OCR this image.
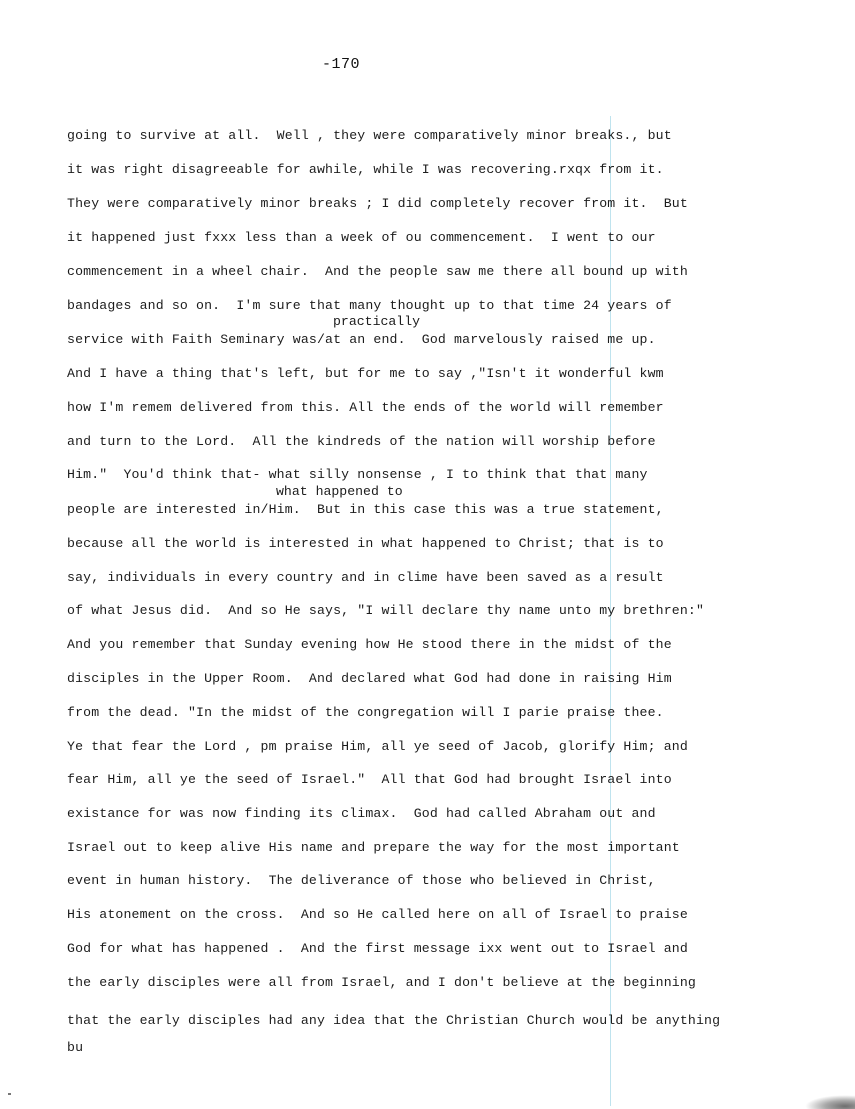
-170
going to survive at all.  Well , they were comparatively minor breaks., but
it was right disagreeable for awhile, while I was recovering.rxqx from it.
They were comparatively minor breaks ; I did completely recover from it.  But
it happened just fxxx less than a week of ou commencement.  I went to our
commencement in a wheel chair.  And the people saw me there all bound up with
bandages and so on.  I'm sure that many thought up to that time 24 years of
practically
service with Faith Seminary was/at an end.  God marvelously raised me up.
And I have a thing that's left, but for me to say ,"Isn't it wonderful kwm
how I'm remem delivered from this. All the ends of the world will remember
and turn to the Lord.  All the kindreds of the nation will worship before
Him."  You'd think that- what silly nonsense , I to think that that many
what happened to
people are interested in/Him.  But in this case this was a true statement,
because all the world is interested in what happened to Christ; that is to
say, individuals in every country and in clime have been saved as a result
of what Jesus did.  And so He says, "I will declare thy name unto my brethren:"
And you remember that Sunday evening how He stood there in the midst of the
disciples in the Upper Room.  And declared what God had done in raising Him
from the dead. "In the midst of the congregation will I parie praise thee.
Ye that fear the Lord , pm praise Him, all ye seed of Jacob, glorify Him; and
fear Him, all ye the seed of Israel."  All that God had brought Israel into
existance for was now finding its climax.  God had called Abraham out and
Israel out to keep alive His name and prepare the way for the most important
event in human history.  The deliverance of those who believed in Christ,
His atonement on the cross.  And so He called here on all of Israel to praise
God for what has happened .  And the first message ixx went out to Israel and
the early disciples were all from Israel, and I don't believe at the beginning
that the early disciples had any idea that the Christian Church would be anything
bu
